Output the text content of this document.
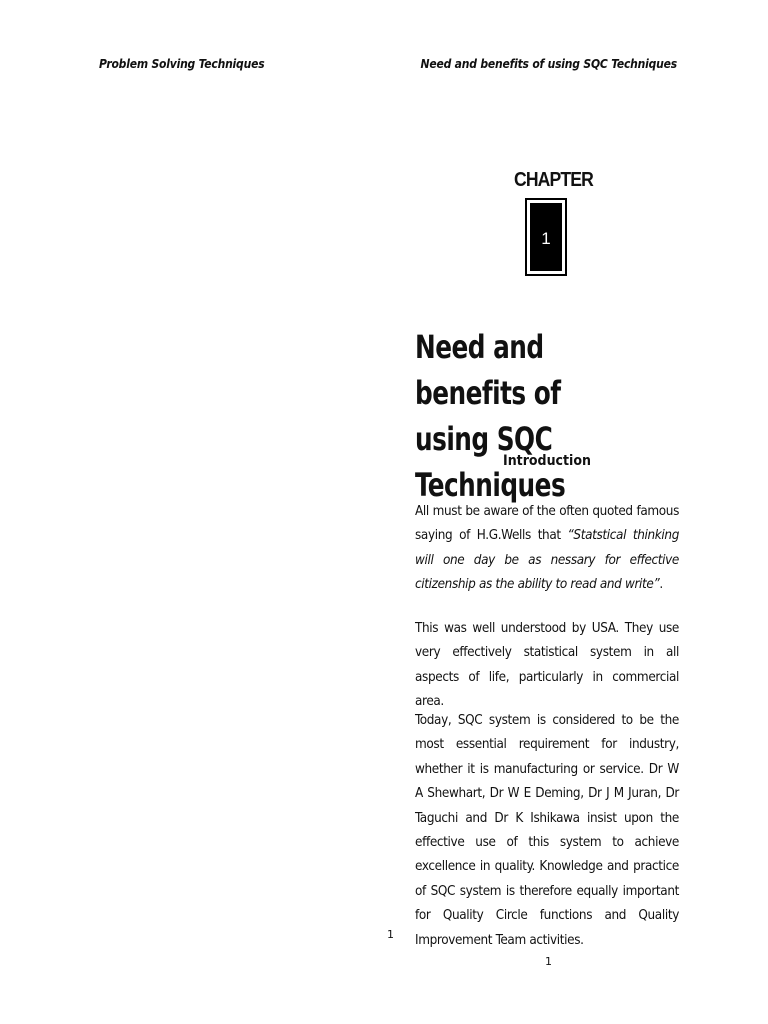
Problem Solving Techniques	Need and benefits of using SQC Techniques
CHAPTER
1
Need and benefits of
using SQC Techniques
Introduction

All must be aware of the often quoted famous saying of H.G.Wells that “Statstical thinking will one day be as nessary for effective citizenship as the ability to read and write”.

This was well understood by USA. They use very effectively statistical system in all aspects of life, particularly in commercial area.

Today, SQC system is considered to be the most essential requirement for industry, whether it is manufacturing or service. Dr W A Shewhart, Dr W E Deming, Dr J M Juran, Dr Taguchi and Dr K Ishikawa insist upon the effective use of this system to achieve excellence in quality. Knowledge and practice of SQC system is therefore equally important for Quality Circle functions and Quality Improvement Team activities.

1
1
